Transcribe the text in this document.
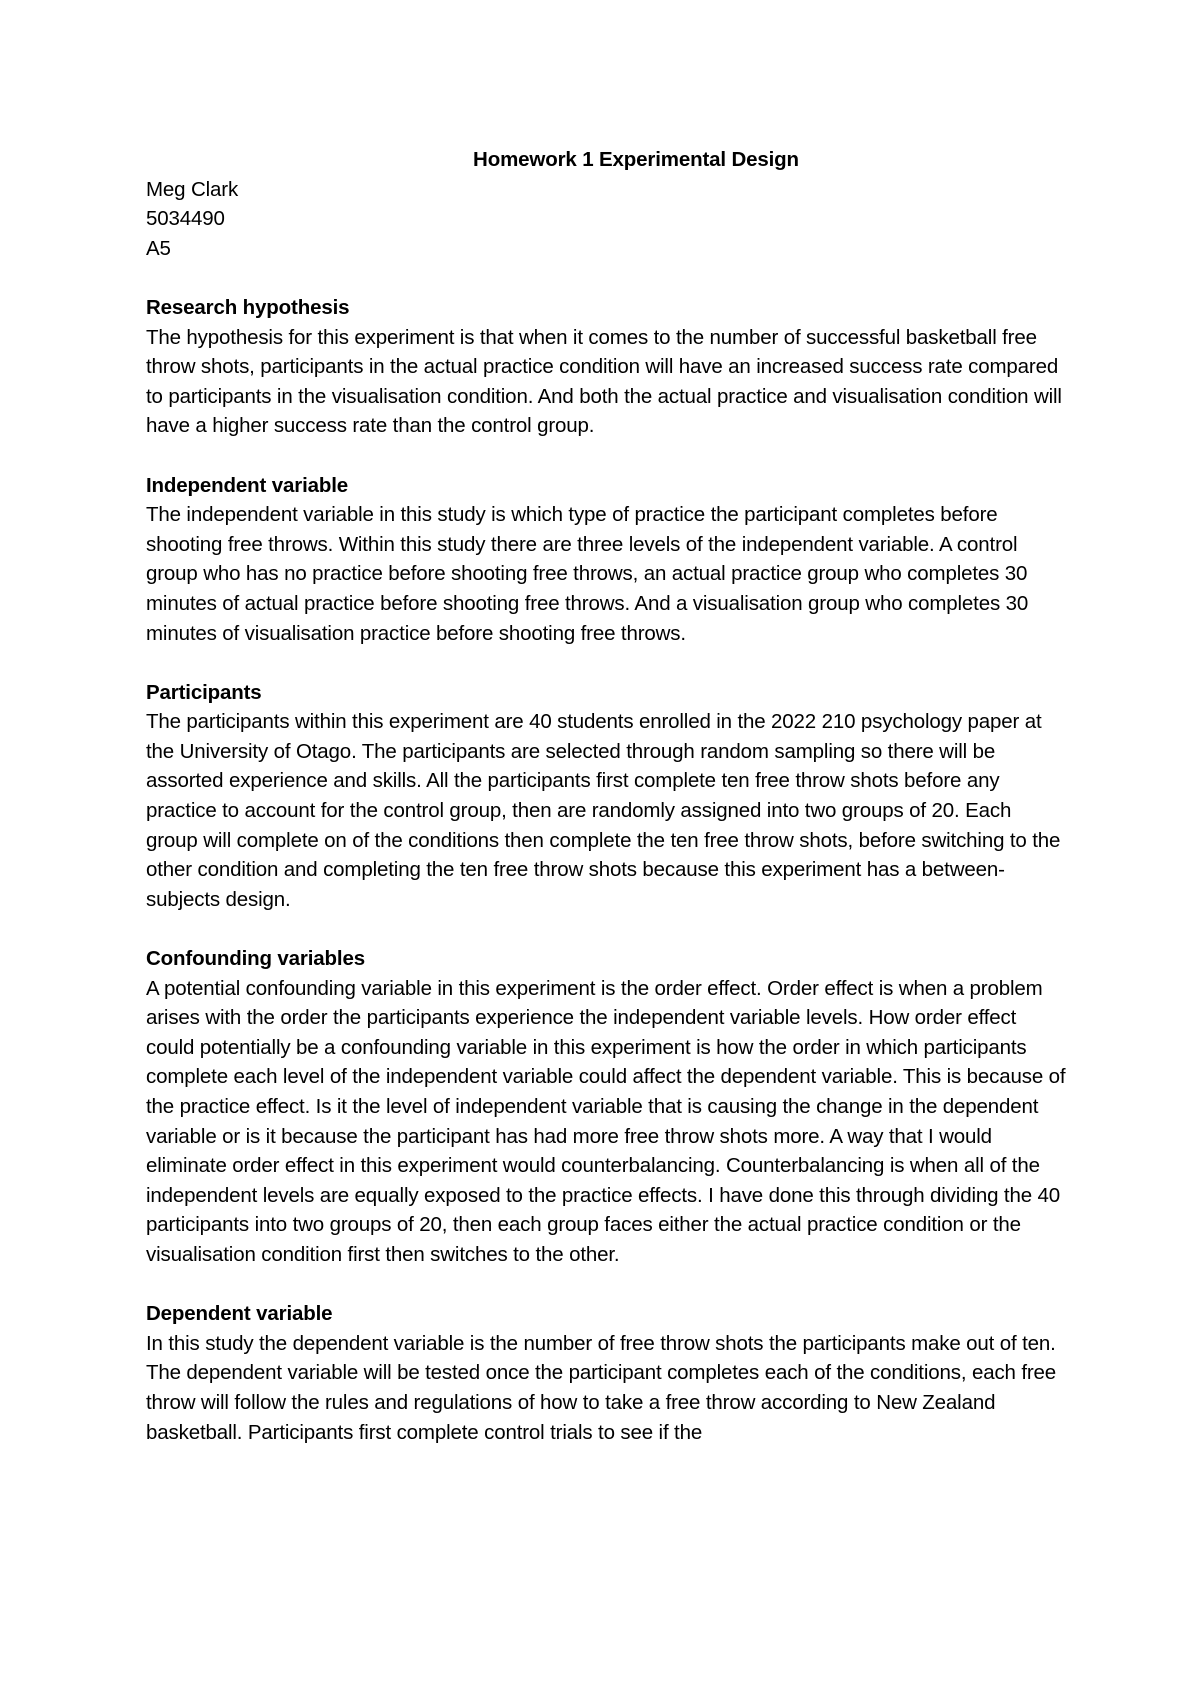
Homework 1 Experimental Design

Meg Clark

5034490

A5

Research hypothesis

The hypothesis for this experiment is that when it comes to the number of successful basketball free throw shots, participants in the actual practice condition will have an increased success rate compared to participants in the visualisation condition. And both the actual practice and visualisation condition will have a higher success rate than the control group.

Independent variable

The independent variable in this study is which type of practice the participant completes before shooting free throws. Within this study there are three levels of the independent variable. A control group who has no practice before shooting free throws, an actual practice group who completes 30 minutes of actual practice before shooting free throws. And a visualisation group who completes 30 minutes of visualisation practice before shooting free throws.

Participants

The participants within this experiment are 40 students enrolled in the 2022 210 psychology paper at the University of Otago. The participants are selected through random sampling so there will be assorted experience and skills. All the participants first complete ten free throw shots before any practice to account for the control group, then are randomly assigned into two groups of 20. Each group will complete on of the conditions then complete the ten free throw shots, before switching to the other condition and completing the ten free throw shots because this experiment has a between-subjects design.

Confounding variables

A potential confounding variable in this experiment is the order effect. Order effect is when a problem arises with the order the participants experience the independent variable levels. How order effect could potentially be a confounding variable in this experiment is how the order in which participants complete each level of the independent variable could affect the dependent variable. This is because of the practice effect. Is it the level of independent variable that is causing the change in the dependent variable or is it because the participant has had more free throw shots more. A way that I would eliminate order effect in this experiment would counterbalancing. Counterbalancing is when all of the independent levels are equally exposed to the practice effects. I have done this through dividing the 40 participants into two groups of 20, then each group faces either the actual practice condition or the visualisation condition first then switches to the other.

Dependent variable

In this study the dependent variable is the number of free throw shots the participants make out of ten. The dependent variable will be tested once the participant completes each of the conditions, each free throw will follow the rules and regulations of how to take a free throw according to New Zealand basketball. Participants first complete control trials to see if the
